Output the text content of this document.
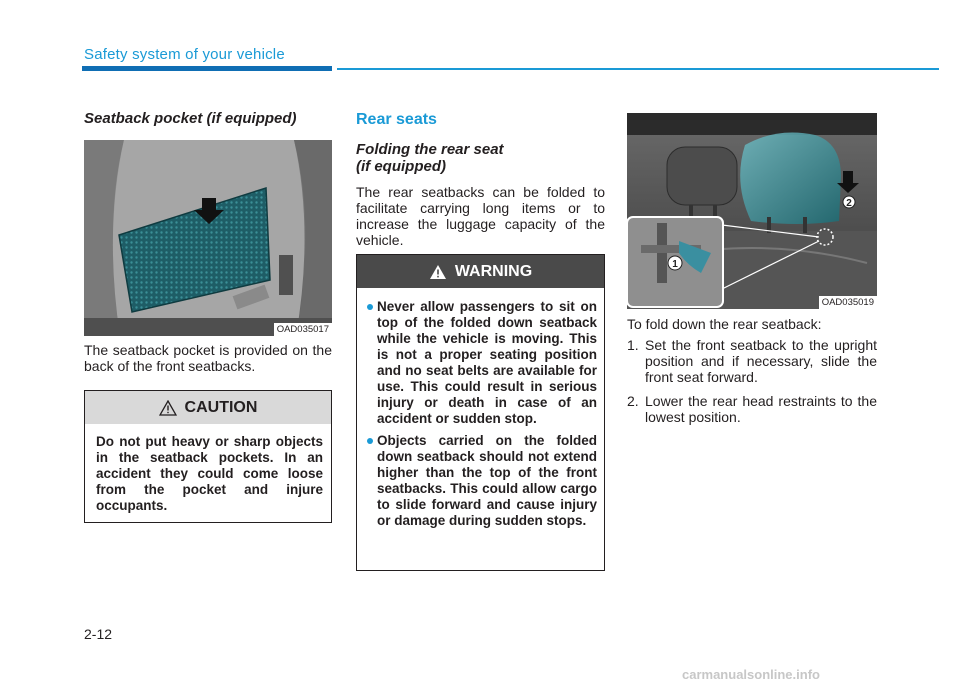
Safety system of your vehicle
Seatback pocket (if equipped)
OAD035017
The seatback pocket is provided on the back of the front seatbacks.
CAUTION
Do not put heavy or sharp objects in the seatback pockets. In an accident they could come loose from the pocket and injure occupants.
Rear seats
Folding the rear seat
(if equipped)
The rear seatbacks can be folded to facilitate carrying long items or to increase the luggage capacity of the vehicle.
WARNING
Never allow passengers to sit on top of the folded down seatback while the vehicle is moving. This is not a proper seating position and no seat belts are available for use. This could result in serious injury or death in case of an accident or sudden stop.
Objects carried on the folded down seatback should not extend higher than the top of the front seatbacks. This could allow cargo to slide forward and cause injury or damage during sudden stops.
2
1
OAD035019
To fold down the rear seatback:
1. Set the front seatback to the upright position and if necessary, slide the front seat forward.
2. Lower the rear head restraints to the lowest position.
2-12
carmanualsonline.info
